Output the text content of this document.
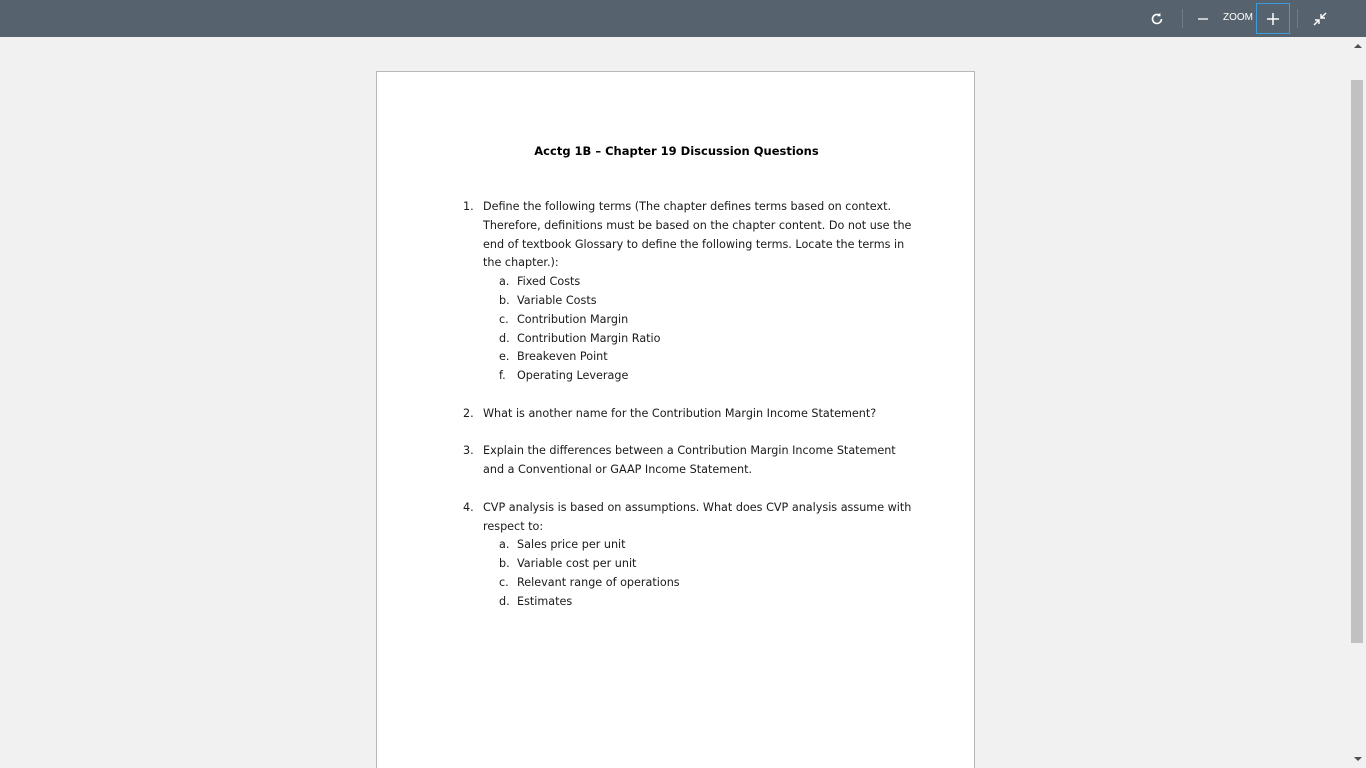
ZOOM
Acctg 1B – Chapter 19 Discussion Questions
1. Define the following terms (The chapter defines terms based on context. Therefore, definitions must be based on the chapter content. Do not use the end of textbook Glossary to define the following terms. Locate the terms in the chapter.):
a. Fixed Costs
b. Variable Costs
c. Contribution Margin
d. Contribution Margin Ratio
e. Breakeven Point
f.	Operating Leverage
2. What is another name for the Contribution Margin Income Statement?
3. Explain the differences between a Contribution Margin Income Statement and a Conventional or GAAP Income Statement.
4. CVP analysis is based on assumptions. What does CVP analysis assume with respect to:
a. Sales price per unit
b. Variable cost per unit
c. Relevant range of operations
d. Estimates
